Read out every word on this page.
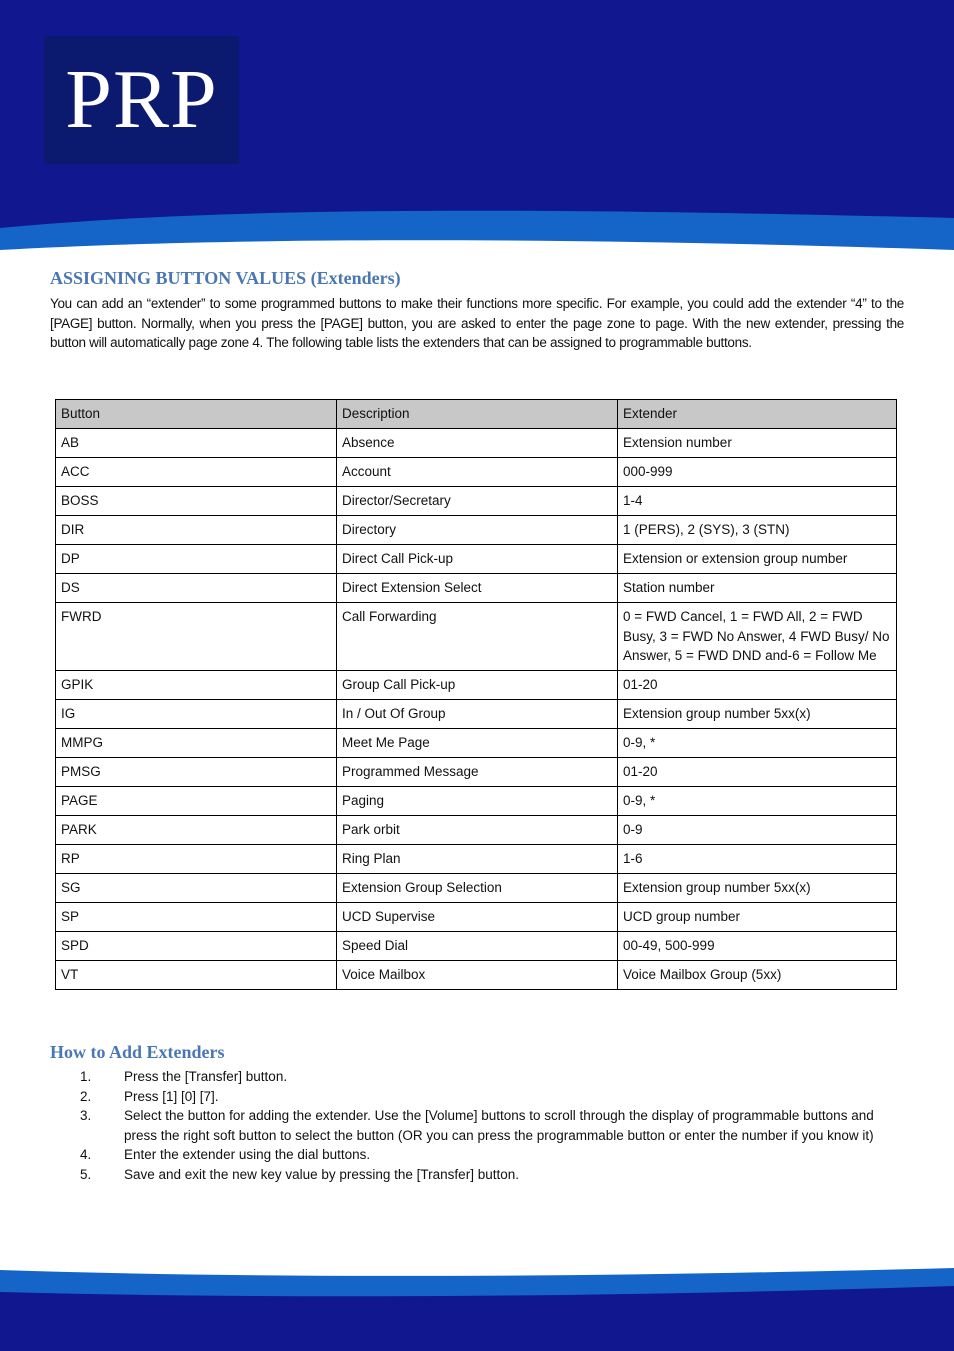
PRP
ASSIGNING BUTTON VALUES (Extenders)

You can add an “extender” to some programmed buttons to make their functions more specific. For example, you could add the extender “4” to the [PAGE] button. Normally, when you press the [PAGE] button, you are asked to enter the page zone to page. With the new extender, pressing the button will automatically page zone 4. The following table lists the extenders that can be assigned to programmable buttons.

Button	Description	Extender
AB	Absence	Extension number
ACC	Account	000-999
BOSS	Director/Secretary	1-4
DIR	Directory	1 (PERS), 2 (SYS), 3 (STN)
DP	Direct Call Pick-up	Extension or extension group number
DS	Direct Extension Select	Station number
FWRD	Call Forwarding	0 = FWD Cancel, 1 = FWD All, 2 = FWD Busy, 3 = FWD No Answer, 4 FWD Busy/ No Answer, 5 = FWD DND and-6 = Follow Me
GPIK	Group Call Pick-up	01-20
IG	In / Out Of Group	Extension group number 5xx(x)
MMPG	Meet Me Page	0-9, *
PMSG	Programmed Message	01-20
PAGE	Paging	0-9, *
PARK	Park orbit	0-9
RP	Ring Plan	1-6
SG	Extension Group Selection	Extension group number 5xx(x)
SP	UCD Supervise	UCD group number
SPD	Speed Dial	00-49, 500-999
VT	Voice Mailbox	Voice Mailbox Group (5xx)
How to Add Extenders
1. Press the [Transfer] button.
2. Press [1] [0] [7].
3. Select the button for adding the extender. Use the [Volume] buttons to scroll through the display of programmable buttons and press the right soft button to select the button (OR you can press the programmable button or enter the number if you know it)
4. Enter the extender using the dial buttons.
5. Save and exit the new key value by pressing the [Transfer] button.
